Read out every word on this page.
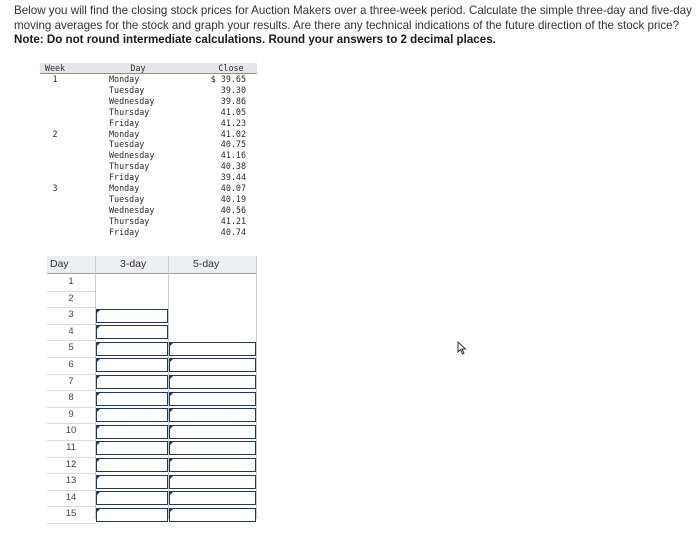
Below you will find the closing stock prices for Auction Makers over a three-week period. Calculate the simple three-day and five-day moving averages for the stock and graph your results. Are there any technical indications of the future direction of the stock price?
Note: Do not round intermediate calculations. Round your answers to 2 decimal places.
Week	Day	Close
1	Monday	$ 39.65
Tuesday	39.30
Wednesday	39.86
Thursday	41.05
Friday	41.23
2	Monday	41.02
Tuesday	40.75
Wednesday	41.16
Thursday	40.38
Friday	39.44
3	Monday	40.07
Tuesday	40.19
Wednesday	40.56
Thursday	41.21
Friday	40.74
Day	3-day	5-day
1
2
3
4
5
6
7
8
9
10
11
12
13
14
15
